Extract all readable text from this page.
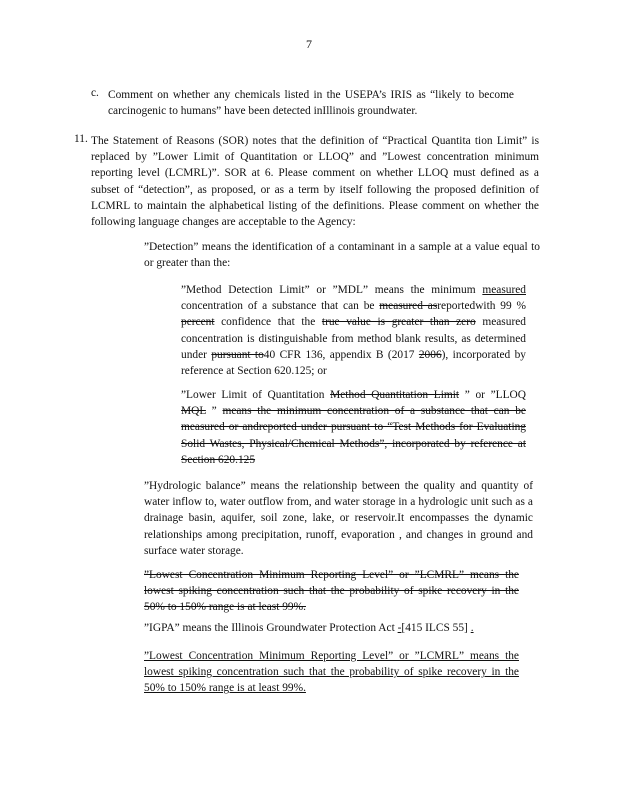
7
c. Comment on whether any chemicals listed in the USEPA’s IRIS as “likely to become carcinogenic to humans” have been detected inIllinois groundwater.

11. The Statement of Reasons (SOR) notes that the definition of “Practical Quantita tion Limit” is replaced by ”Lower Limit of Quantitation or LLOQ” and ”Lowest concentration minimum reporting level (LCMRL)”. SOR at 6. Please comment on whether LLOQ must defined as a subset of “detection”, as proposed, or as a term by itself following the proposed definition of LCMRL to maintain the alphabetical listing of the definitions. Please comment on whether the following language changes are acceptable to the Agency:

”Detection” means the identification of a contaminant in a sample at a value equal to or greater than the:

”Method Detection Limit” or ”MDL” means the minimum measured concentration of a substance that can be measured asreportedwith 99 % percent confidence that the true value is greater than zero measured concentration is distinguishable from method blank results, as determined under pursuant to40 CFR 136, appendix B (2017 2006), incorporated by reference at Section 620.125; or

”Lower Limit of Quantitation Method Quantitation Limit ” or ”LLOQ MQL ” means the minimum concentration of a substance that can be measured or andreported under pursuant to “Test Methods for Evaluating Solid Wastes, Physical/Chemical Methods”, incorporated by reference at Section 620.125

”Hydrologic balance” means the relationship between the quality and quantity of water inflow to, water outflow from, and water storage in a hydrologic unit such as a drainage basin, aquifer, soil zone, lake, or reservoir.It encompasses the dynamic relationships among precipitation, runoff, evaporation , and changes in ground and surface water storage.

”Lowest Concentration Minimum Reporting Level” or ”LCMRL” means the lowest spiking concentration such that the probability of spike recovery in the 50% to 150% range is at least 99%.

”IGPA” means the Illinois Groundwater Protection Act -[415 ILCS 55] .

”Lowest Concentration Minimum Reporting Level” or ”LCMRL” means the lowest spiking concentration such that the probability of spike recovery in the 50% to 150% range is at least 99%.
